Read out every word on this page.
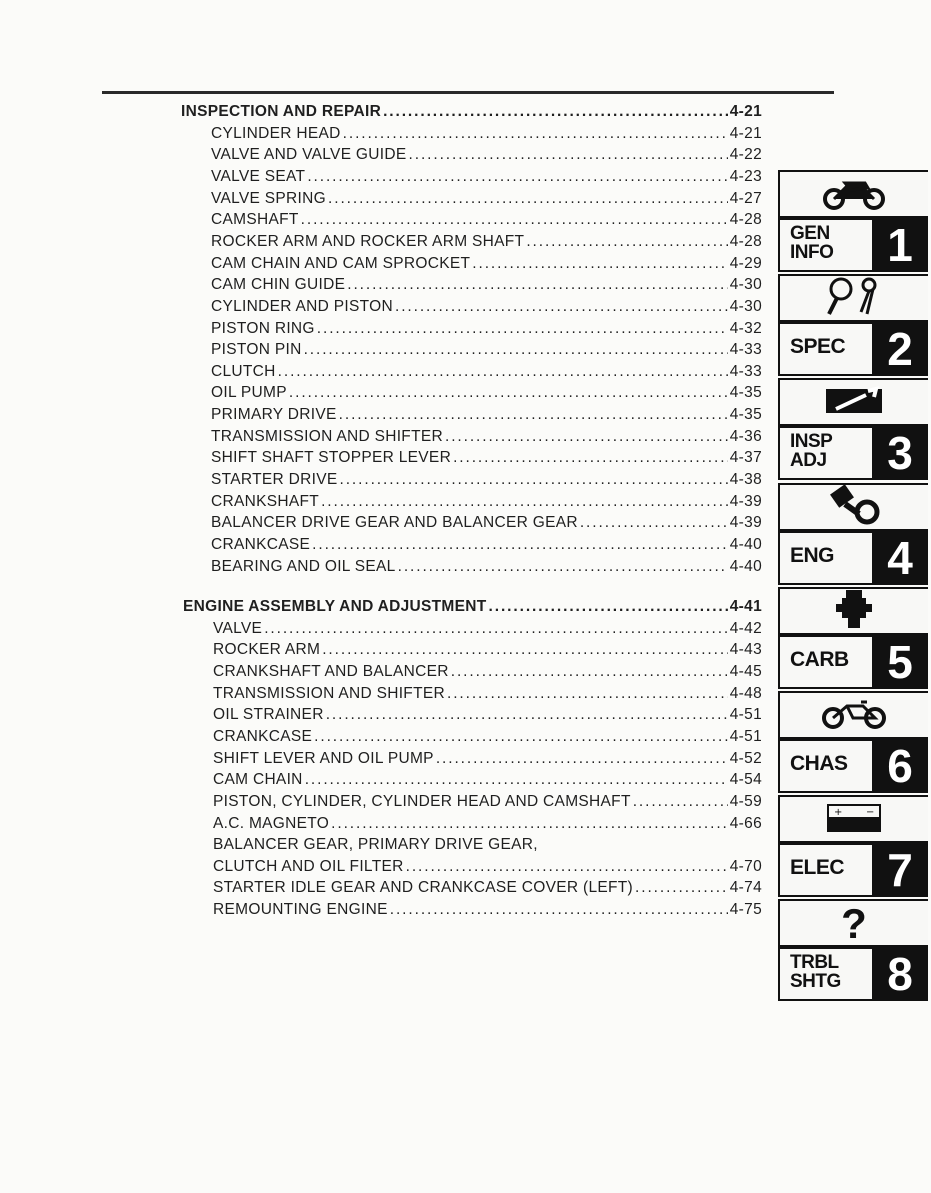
INSPECTION AND REPAIR . . .	4-21
CYLINDER HEAD . . .	4-21
VALVE AND VALVE GUIDE . . .	4-22
VALVE SEAT . . .	4-23
VALVE SPRING . . .	4-27
CAMSHAFT . . .	4-28
ROCKER ARM AND ROCKER ARM SHAFT . . .	4-28
CAM CHAIN AND CAM SPROCKET . . .	4-29
CAM CHIN GUIDE . . .	4-30
CYLINDER AND PISTON . . .	4-30
PISTON RING . . .	4-32
PISTON PIN . . .	4-33
CLUTCH . . .	4-33
OIL PUMP . . .	4-35
PRIMARY DRIVE . . .	4-35
TRANSMISSION AND SHIFTER . . .	4-36
SHIFT SHAFT STOPPER LEVER . . .	4-37
STARTER DRIVE . . .	4-38
CRANKSHAFT . . .	4-39
BALANCER DRIVE GEAR AND BALANCER GEAR . . .	4-39
CRANKCASE . . .	4-40
BEARING AND OIL SEAL . . .	4-40
ENGINE ASSEMBLY AND ADJUSTMENT . . .	4-41
VALVE . . .	4-42
ROCKER ARM . . .	4-43
CRANKSHAFT AND BALANCER . . .	4-45
TRANSMISSION AND SHIFTER . . .	4-48
OIL STRAINER . . .	4-51
CRANKCASE . . .	4-51
SHIFT LEVER AND OIL PUMP . . .	4-52
CAM CHAIN . . .	4-54
PISTON, CYLINDER, CYLINDER HEAD AND CAMSHAFT . . .	4-59
A.C. MAGNETO . . .	4-66
BALANCER GEAR, PRIMARY DRIVE GEAR,
CLUTCH AND OIL FILTER . . .	4-70
STARTER IDLE GEAR AND CRANKCASE COVER (LEFT) . . .	4-74
REMOUNTING ENGINE . . .	4-75
GEN
INFO	1
SPEC 2
INSP
ADJ	3
ENG	4
CARB 5
CHAS 6
+ −
ELEC 7
?
TRBL
SHTG	8
